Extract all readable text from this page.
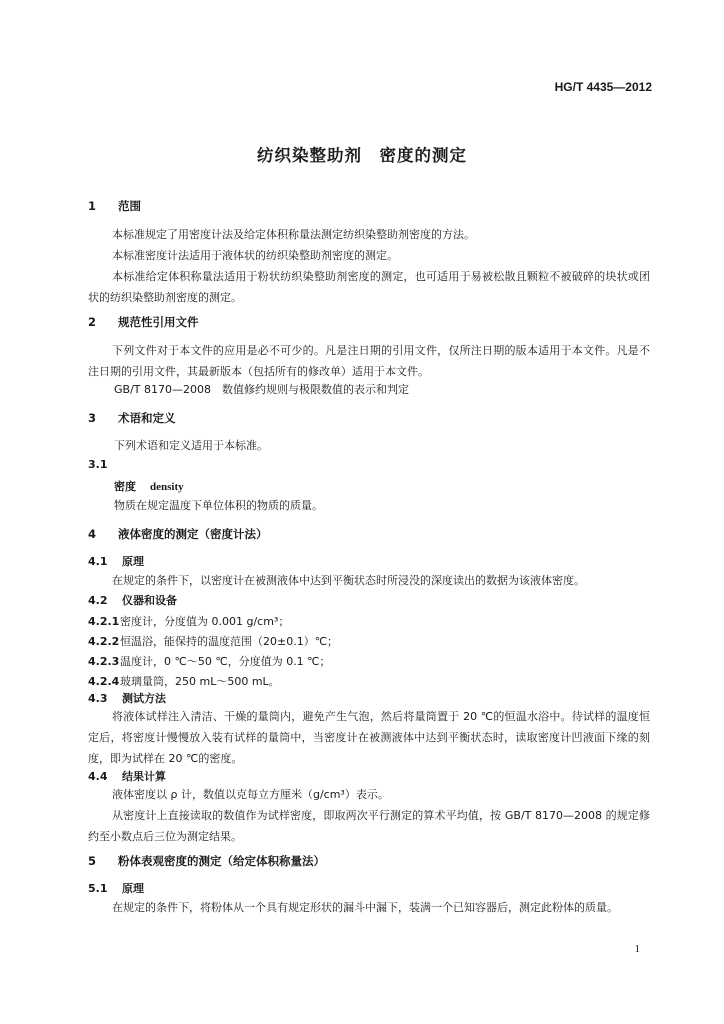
HG/T 4435—2012
纺织染整助剂　密度的测定
1 范围
本标准规定了用密度计法及给定体积称量法测定纺织染整助剂密度的方法。
本标准密度计法适用于液体状的纺织染整助剂密度的测定。
本标准给定体积称量法适用于粉状纺织染整助剂密度的测定，也可适用于易被松散且颗粒不被破碎的块状或团状的纺织染整助剂密度的测定。
2 规范性引用文件
下列文件对于本文件的应用是必不可少的。凡是注日期的引用文件，仅所注日期的版本适用于本文件。凡是不注日期的引用文件，其最新版本（包括所有的修改单）适用于本文件。
GB/T 8170—2008　数值修约规则与极限数值的表示和判定
3 术语和定义
下列术语和定义适用于本标准。
3.1
密度 density
物质在规定温度下单位体积的物质的质量。
4 液体密度的测定（密度计法）
4.1 原理
在规定的条件下，以密度计在被测液体中达到平衡状态时所浸没的深度读出的数据为该液体密度。
4.2 仪器和设备
4.2.1密度计，分度值为 0.001 g/cm³；
4.2.2恒温浴，能保持的温度范围（20±0.1）℃；
4.2.3温度计，0 ℃～50 ℃，分度值为 0.1 ℃；
4.2.4玻璃量筒，250 mL～500 mL。
4.3 测试方法
将液体试样注入清洁、干燥的量筒内，避免产生气泡，然后将量筒置于 20 ℃的恒温水浴中。待试样的温度恒定后，将密度计慢慢放入装有试样的量筒中，当密度计在被测液体中达到平衡状态时，读取密度计凹液面下缘的刻度，即为试样在 20 ℃的密度。
4.4 结果计算
液体密度以 ρ 计，数值以克每立方厘米（g/cm³）表示。
从密度计上直接读取的数值作为试样密度，即取两次平行测定的算术平均值，按 GB/T 8170—2008 的规定修约至小数点后三位为测定结果。
5 粉体表观密度的测定（给定体积称量法）
5.1 原理
在规定的条件下，将粉体从一个具有规定形状的漏斗中漏下，装满一个已知容器后，测定此粉体的质量。
1
